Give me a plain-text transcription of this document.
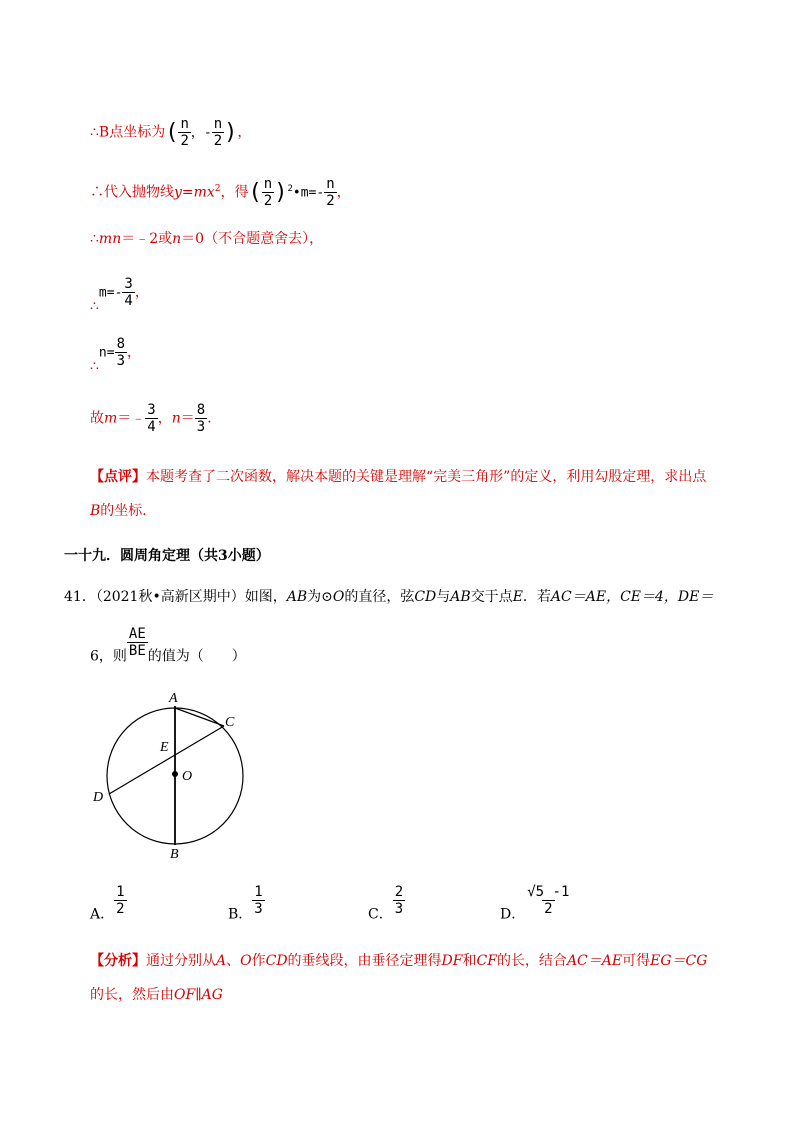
∴B点坐标为( $\frac{n}{2}$ ，- $\frac{n}{2}$ )，
∴代入抛物线$y=mx^2$，得( $\frac{n}{2}$ )$^2$•m=- $\frac{n}{2}$ ，
∴mn＝﹣2或n＝0（不合题意舍去），
∴m=- $\frac{3}{4}$ ，
∴n= $\frac{8}{3}$ ，
故m＝﹣ $\frac{3}{4}$ ，$n= \frac{8}{3}$ ．
【点评】本题考查了二次函数，解决本题的关键是理解“完美三角形”的定义，利用勾股定理，求出点
B的坐标．
一十九．圆周角定理（共3小题）
41．（2021秋•高新区期中）如图，AB为⊙O的直径，弦CD与AB交于点E．若AC＝AE，CE＝4，DE＝
6，则 $\frac{AE}{BE}$ 的值为（　　）
A
B
C
D
E
O
A． $\frac{1}{2}$	B． $\frac{1}{3}$	C． $\frac{2}{3}$	D． $\frac{√5 -1}{2}$
【分析】通过分别从A、O作CD的垂线段，由垂径定理得DF和CF的长，结合AC＝AE可得EG＝CG
的长，然后由OF∥AG
